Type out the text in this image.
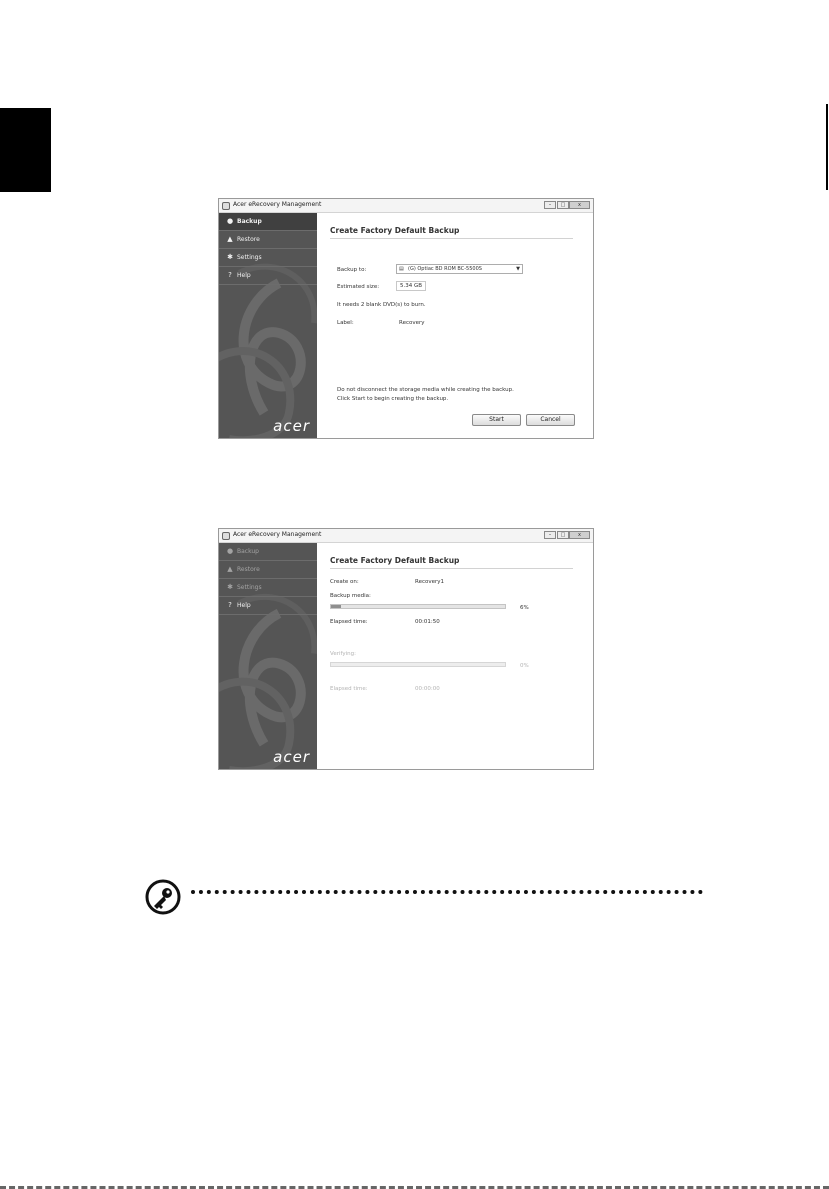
Acer eRecovery Management	–	□	x
● Backup
▲ Restore
✱ Settings
? Help
acer
Create Factory Default Backup
Backup to:	▤ (G) Optiac BD ROM BC-5500S	▼
Estimated size:	5.34 GB
It needs 2 blank DVD(s) to burn.
Label:	Recovery
Do not disconnect the storage media while creating the backup.
Click Start to begin creating the backup.
Start	Cancel
Acer eRecovery Management	–	□	x
● Backup
▲ Restore
✱ Settings
? Help
acer
Create Factory Default Backup
Create on:	Recovery1
Backup media:
6%
Elapsed time:	00:01:50
Verifying:
0%
Elapsed time:	00:00:00
